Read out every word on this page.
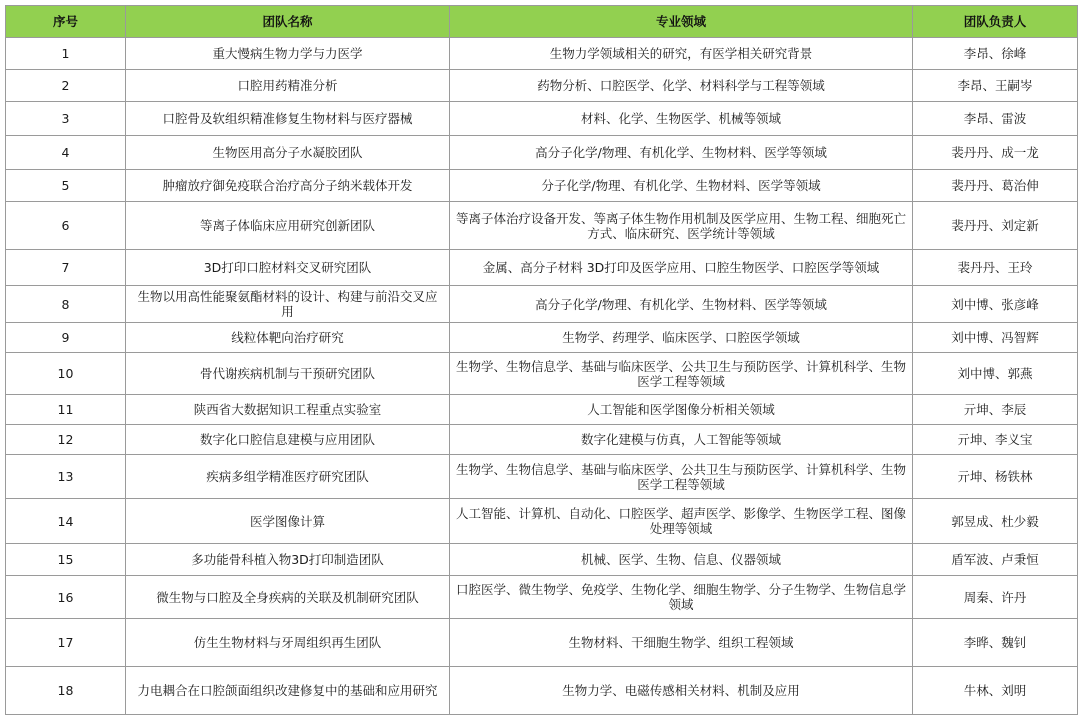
序号	团队名称	专业领域	团队负责人
1	重大慢病生物力学与力医学	生物力学领域相关的研究，有医学相关研究背景	李昂、徐峰
2	口腔用药精准分析	药物分析、口腔医学、化学、材料科学与工程等领域	李昂、王嗣岑
3	口腔骨及软组织精准修复生物材料与医疗器械	材料、化学、生物医学、机械等领域	李昂、雷波
4	生物医用高分子水凝胶团队	高分子化学/物理、有机化学、生物材料、医学等领域	裴丹丹、成一龙
5	肿瘤放疗御免疫联合治疗高分子纳米载体开发	分子化学/物理、有机化学、生物材料、医学等领域	裴丹丹、葛治伸
6	等离子体临床应用研究创新团队	等离子体治疗设备开发、等离子体生物作用机制及医学应用、生物工程、细胞死亡方式、临床研究、医学统计等领域	裴丹丹、刘定新
7	3D打印口腔材料交叉研究团队	金属、高分子材料 3D打印及医学应用、口腔生物医学、口腔医学等领域	裴丹丹、王玲
8	生物以用高性能聚氨酯材料的设计、构建与前沿交叉应用	高分子化学/物理、有机化学、生物材料、医学等领域	刘中博、张彦峰
9	线粒体靶向治疗研究	生物学、药理学、临床医学、口腔医学领域	刘中博、冯智辉
10	骨代谢疾病机制与干预研究团队	生物学、生物信息学、基础与临床医学、公共卫生与预防医学、计算机科学、生物医学工程等领域	刘中博、郭燕
11	陕西省大数据知识工程重点实验室	人工智能和医学图像分析相关领域	亓坤、李辰
12	数字化口腔信息建模与应用团队	数字化建模与仿真，人工智能等领域	亓坤、李义宝
13	疾病多组学精准医疗研究团队	生物学、生物信息学、基础与临床医学、公共卫生与预防医学、计算机科学、生物医学工程等领域	亓坤、杨铁林
14	医学图像计算	人工智能、计算机、自动化、口腔医学、超声医学、影像学、生物医学工程、图像处理等领域	郭昱成、杜少毅
15	多功能骨科植入物3D打印制造团队	机械、医学、生物、信息、仪器领域	盾军波、卢秉恒
16	微生物与口腔及全身疾病的关联及机制研究团队	口腔医学、微生物学、免疫学、生物化学、细胞生物学、分子生物学、生物信息学领域	周秦、许丹
17	仿生生物材料与牙周组织再生团队	生物材料、干细胞生物学、组织工程领域	李晔、魏钊
18	力电耦合在口腔颌面组织改建修复中的基础和应用研究	生物力学、电磁传感相关材料、机制及应用	牛林、刘明
